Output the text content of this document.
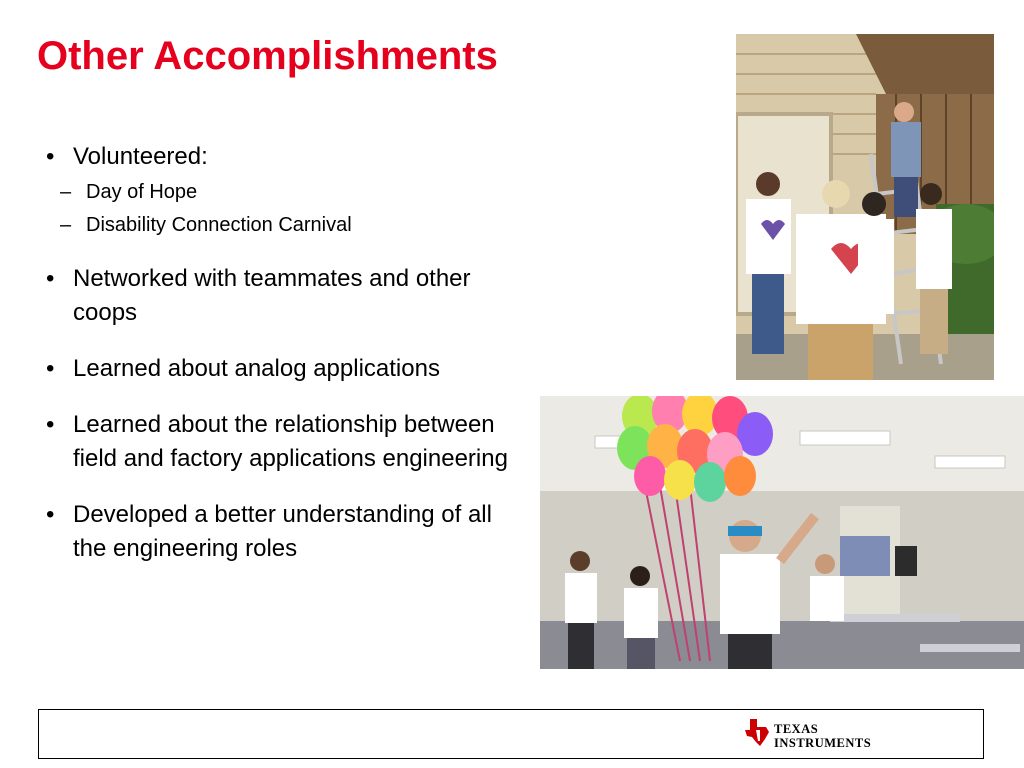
Other Accomplishments
• Volunteered:
– Day of Hope
– Disability Connection Carnival
• Networked with teammates and other coops
• Learned about analog applications
• Learned about the relationship between field and factory applications engineering
• Developed a better understanding of all the engineering roles
TEXAS
INSTRUMENTS
